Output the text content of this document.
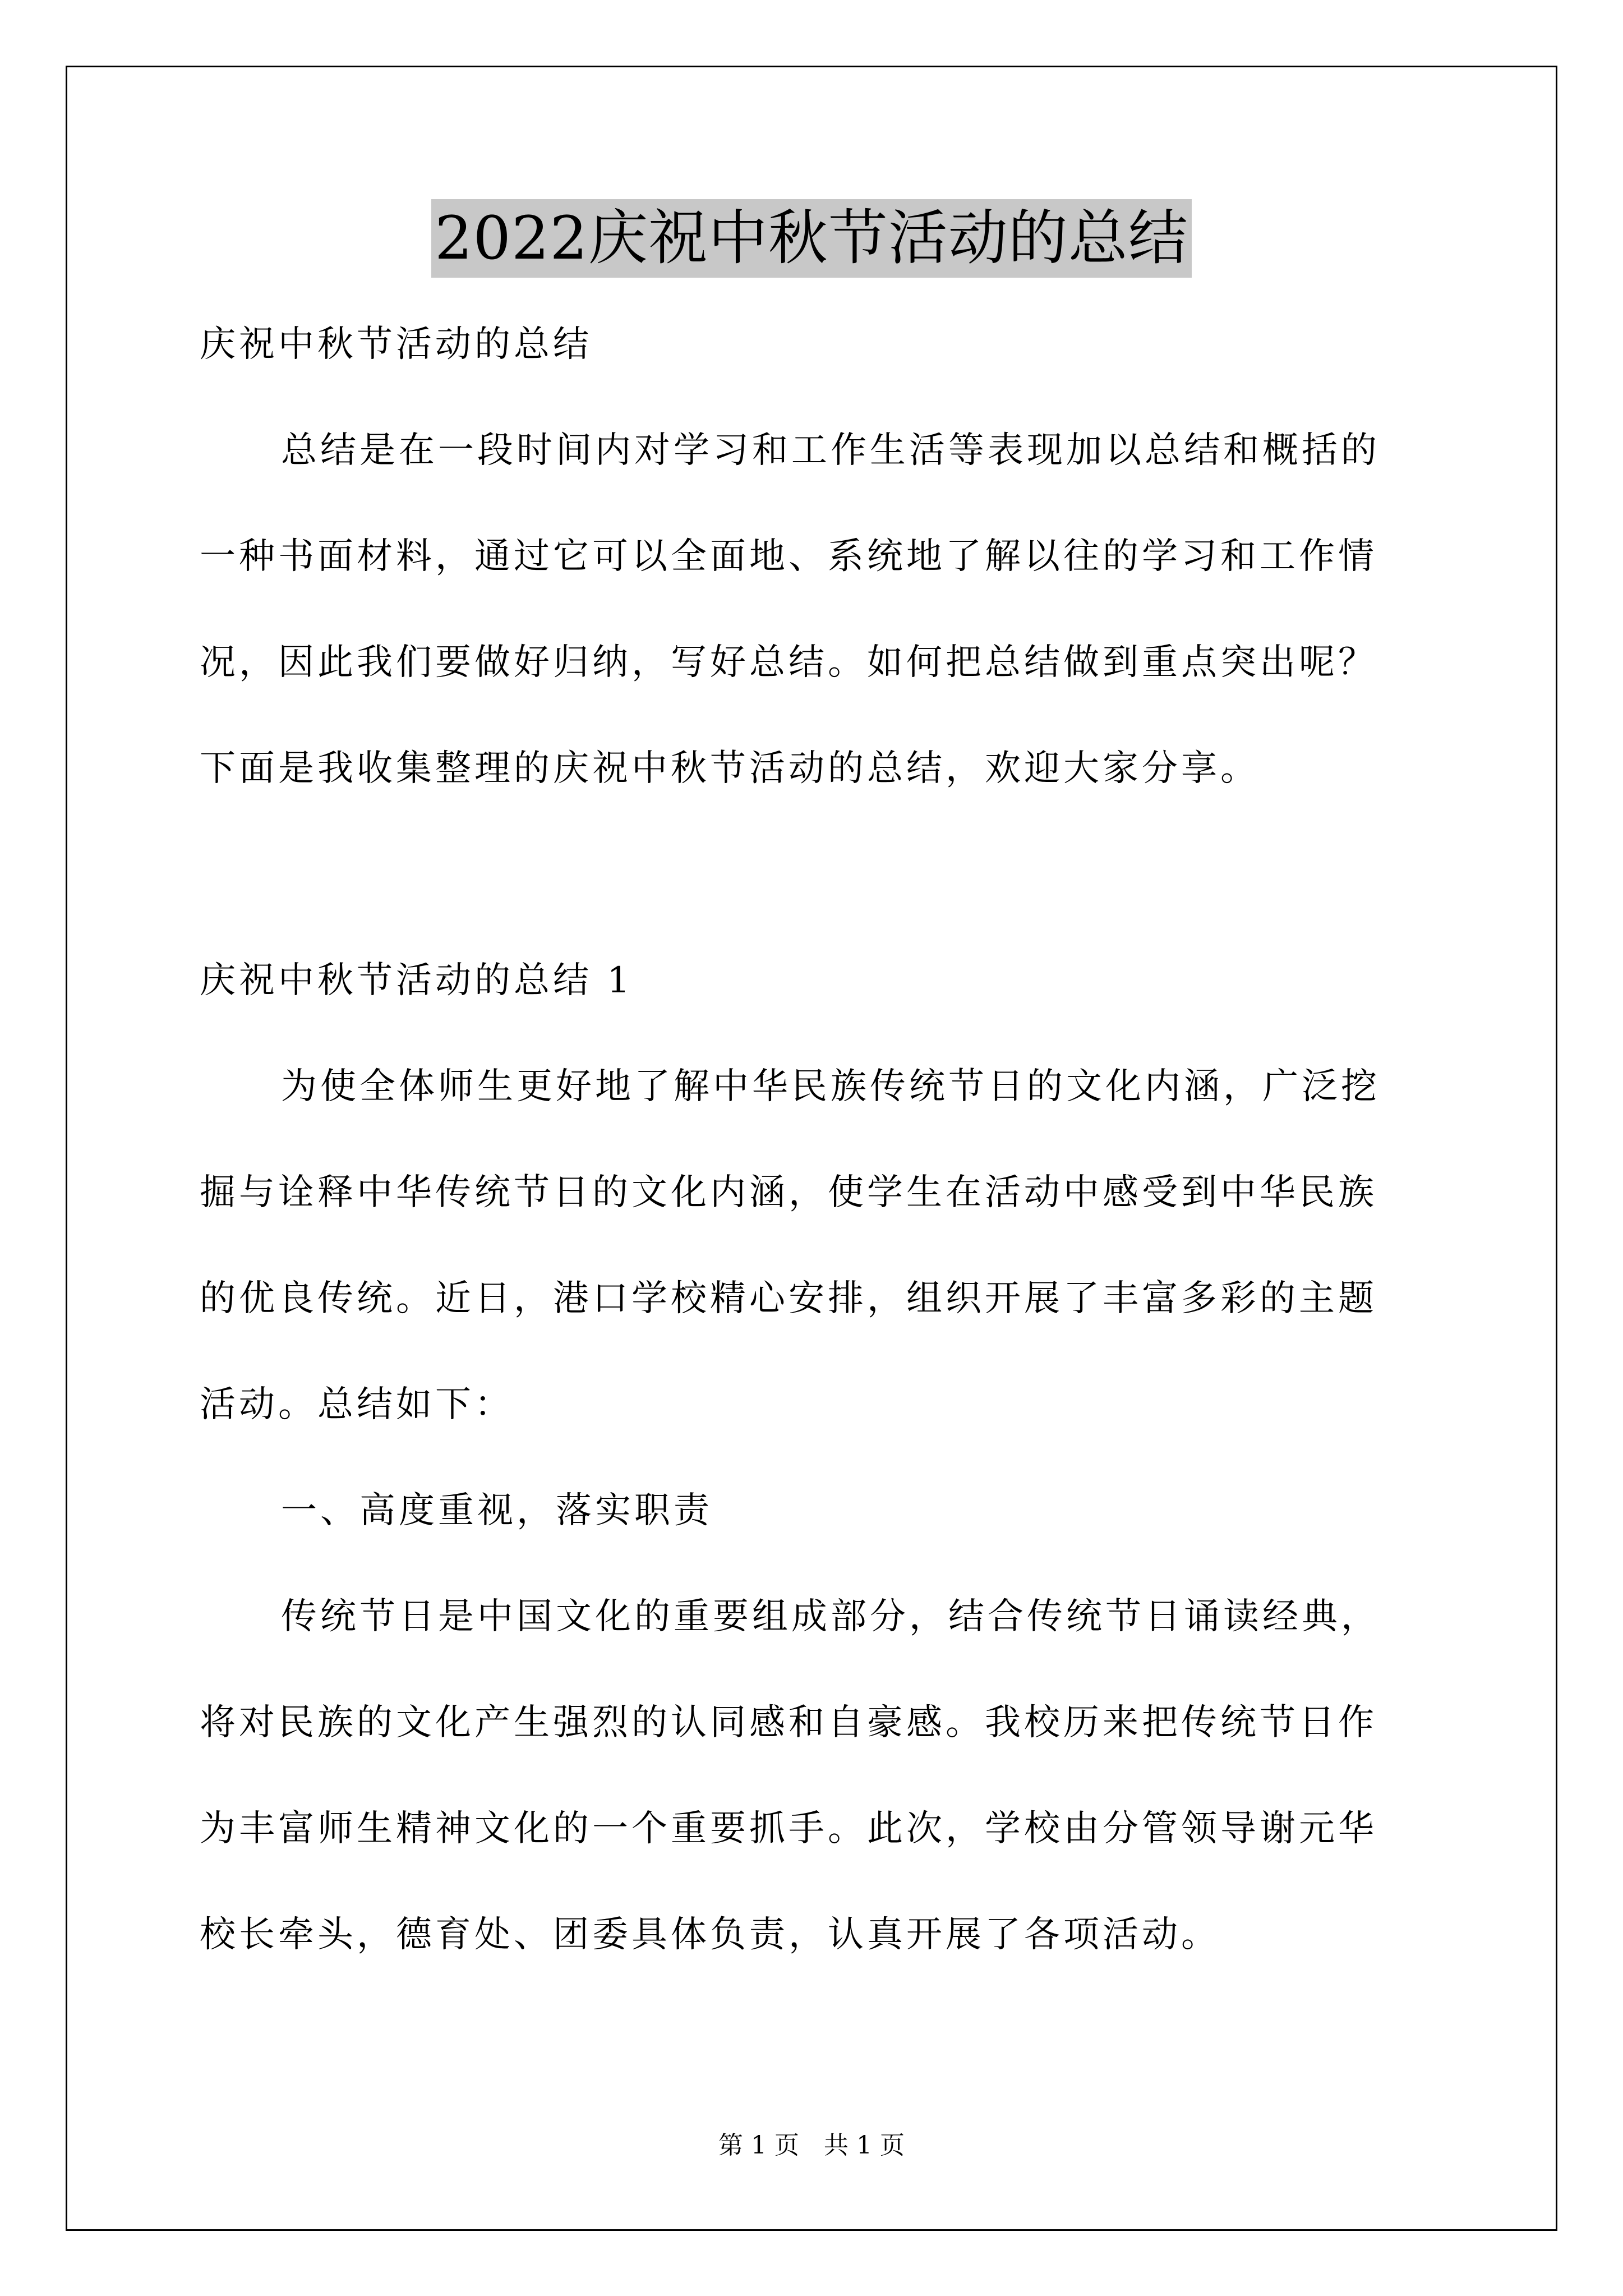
2022庆祝中秋节活动的总结
庆祝中秋节活动的总结
总结是在一段时间内对学习和工作生活等表现加以总结和概括的
一种书面材料，通过它可以全面地、系统地了解以往的学习和工作情
况，因此我们要做好归纳，写好总结。如何把总结做到重点突出呢？
下面是我收集整理的庆祝中秋节活动的总结，欢迎大家分享。
庆祝中秋节活动的总结 1
为使全体师生更好地了解中华民族传统节日的文化内涵，广泛挖
掘与诠释中华传统节日的文化内涵，使学生在活动中感受到中华民族
的优良传统。近日，港口学校精心安排，组织开展了丰富多彩的主题
活动。总结如下：
一、高度重视，落实职责
传统节日是中国文化的重要组成部分，结合传统节日诵读经典，
将对民族的文化产生强烈的认同感和自豪感。我校历来把传统节日作
为丰富师生精神文化的一个重要抓手。此次，学校由分管领导谢元华
校长牵头，德育处、团委具体负责，认真开展了各项活动。
第 1 页　共 1 页
